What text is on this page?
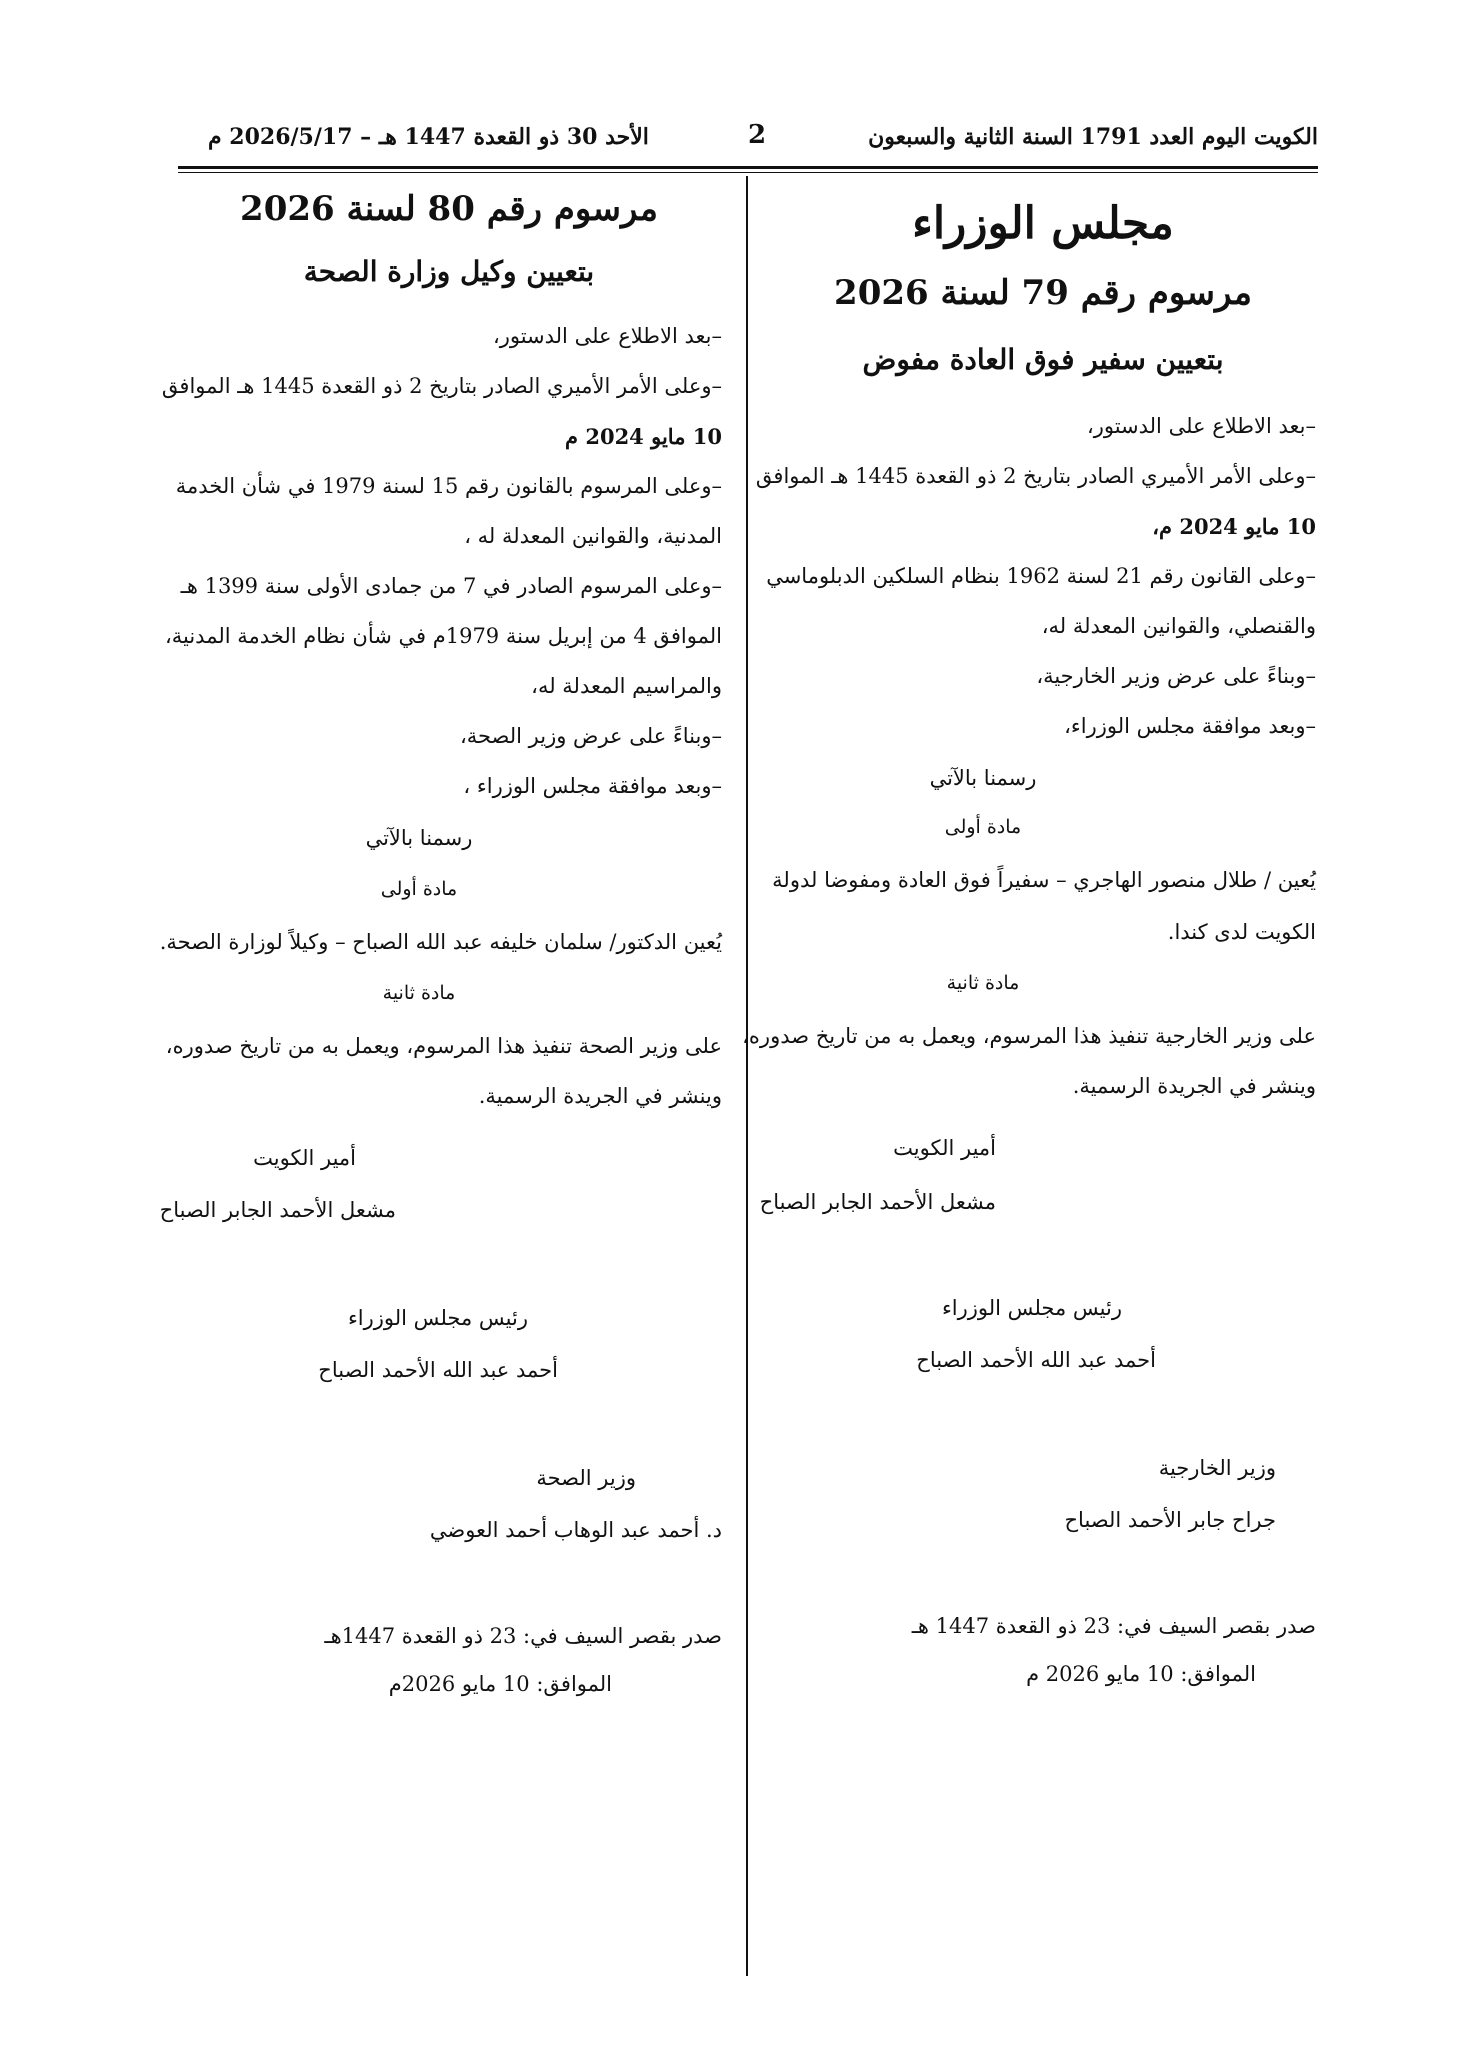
الكويت اليوم العدد 1791 السنة الثانية والسبعون
2
الأحد 30 ذو القعدة 1447 هـ – 2026/5/17 م
مجلس الوزراء
مرسوم رقم 79 لسنة 2026
بتعيين سفير فوق العادة مفوض
–بعد الاطلاع على الدستور،
–وعلى الأمر الأميري الصادر بتاريخ 2 ذو القعدة 1445 هـ الموافق
10 مايو 2024 م،
–وعلى القانون رقم 21 لسنة 1962 بنظام السلكين الدبلوماسي
والقنصلي، والقوانين المعدلة له،
–وبناءً على عرض وزير الخارجية،
–وبعد موافقة مجلس الوزراء،
رسمنا بالآتي
مادة أولى
يُعين / طلال منصور الهاجري – سفيراً فوق العادة ومفوضا لدولة
الكويت لدى كندا.
مادة ثانية
على وزير الخارجية تنفيذ هذا المرسوم، ويعمل به من تاريخ صدوره،
وينشر في الجريدة الرسمية.
أمير الكويت
مشعل الأحمد الجابر الصباح
رئيس مجلس الوزراء
أحمد عبد الله الأحمد الصباح
وزير الخارجية
جراح جابر الأحمد الصباح
صدر بقصر السيف في: 23 ذو القعدة 1447 هـ
الموافق: 10 مايو 2026 م
مرسوم رقم 80 لسنة 2026
بتعيين وكيل وزارة الصحة
–بعد الاطلاع على الدستور،
–وعلى الأمر الأميري الصادر بتاريخ 2 ذو القعدة 1445 هـ الموافق
10 مايو 2024 م
–وعلى المرسوم بالقانون رقم 15 لسنة 1979 في شأن الخدمة
المدنية، والقوانين المعدلة له ،
–وعلى المرسوم الصادر في 7 من جمادى الأولى سنة 1399 هـ
الموافق 4 من إبريل سنة 1979م في شأن نظام الخدمة المدنية،
والمراسيم المعدلة له،
–وبناءً على عرض وزير الصحة،
–وبعد موافقة مجلس الوزراء ،
رسمنا بالآتي
مادة أولى
يُعين الدكتور/ سلمان خليفه عبد الله الصباح – وكيلاً لوزارة الصحة.
مادة ثانية
على وزير الصحة تنفيذ هذا المرسوم، ويعمل به من تاريخ صدوره،
وينشر في الجريدة الرسمية.
أمير الكويت
مشعل الأحمد الجابر الصباح
رئيس مجلس الوزراء
أحمد عبد الله الأحمد الصباح
وزير الصحة
د. أحمد عبد الوهاب أحمد العوضي
صدر بقصر السيف في: 23 ذو القعدة 1447هـ
الموافق: 10 مايو 2026م
